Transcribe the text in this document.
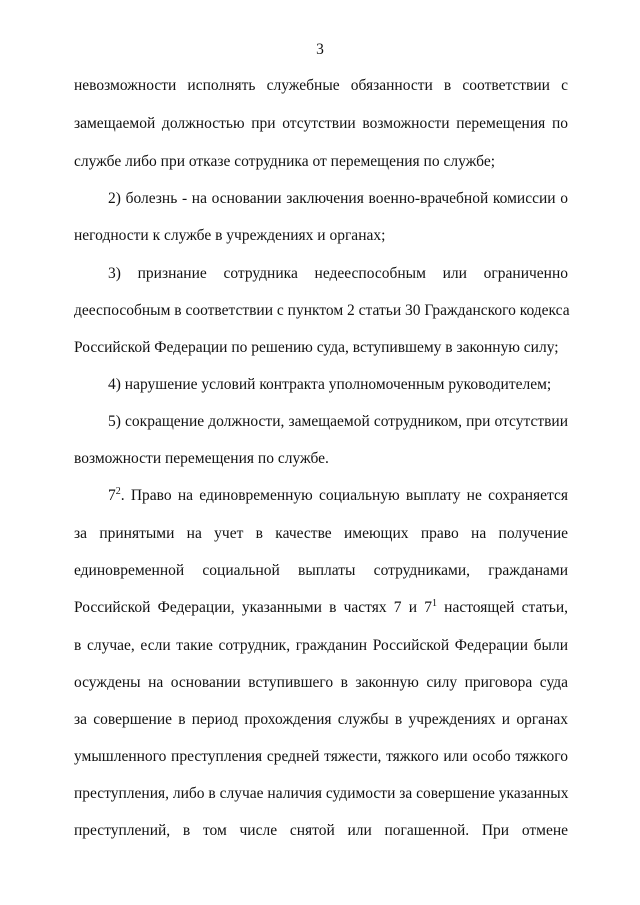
3
невозможности исполнять служебные обязанности в соответствии с
замещаемой должностью при отсутствии возможности перемещения по
службе либо при отказе сотрудника от перемещения по службе;
2) болезнь - на основании заключения военно-врачебной комиссии о
негодности к службе в учреждениях и органах;
3) признание сотрудника недееспособным или ограниченно
дееспособным в соответствии с пунктом 2 статьи 30 Гражданского кодекса
Российской Федерации по решению суда, вступившему в законную силу;
4) нарушение условий контракта уполномоченным руководителем;
5) сокращение должности, замещаемой сотрудником, при отсутствии
возможности перемещения по службе.
$7^2$. Право на единовременную социальную выплату не сохраняется
за принятыми на учет в качестве имеющих право на получение
единовременной социальной выплаты сотрудниками, гражданами
Российской Федерации, указанными в частях 7 и $7^1$ настоящей статьи,
в случае, если такие сотрудник, гражданин Российской Федерации были
осуждены на основании вступившего в законную силу приговора суда
за совершение в период прохождения службы в учреждениях и органах
умышленного преступления средней тяжести, тяжкого или особо тяжкого
преступления, либо в случае наличия судимости за совершение указанных
преступлений, в том числе снятой или погашенной. При отмене
